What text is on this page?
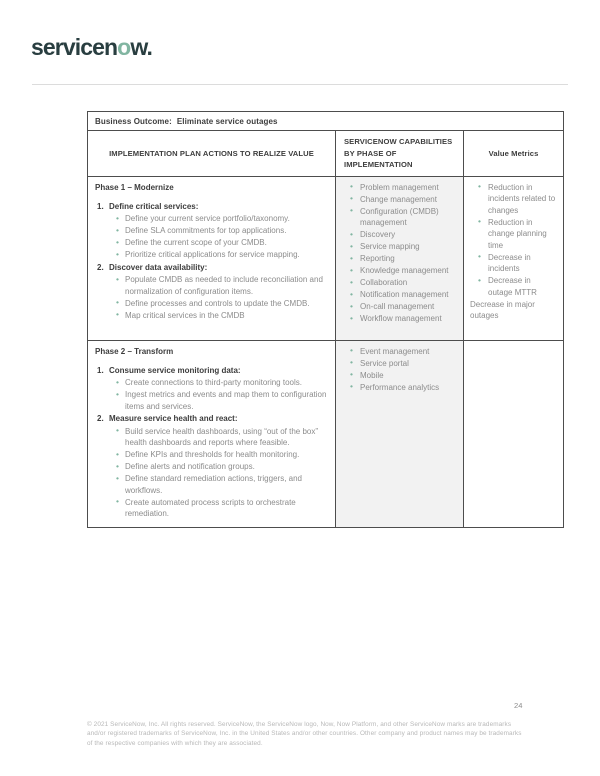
servicenow.
Business Outcome: Eliminate service outages		
IMPLEMENTATION PLAN ACTIONS TO REALIZE VALUE	SERVICENOW CAPABILITIES BY PHASE OF IMPLEMENTATION	Value Metrics

Phase 1 – Modernize
1. Define critical services:
• Define your current service portfolio/taxonomy.
• Define SLA commitments for top applications.
• Define the current scope of your CMDB.
• Prioritize critical applications for service mapping.
2. Discover data availability:
• Populate CMDB as needed to include reconciliation and normalization of configuration items.
• Define processes and controls to update the CMDB.
• Map critical services in the CMDB

• Problem management
• Change management
• Configuration (CMDB) management
• Discovery
• Service mapping
• Reporting
• Knowledge management
• Collaboration
• Notification management
• On-call management
• Workflow management

• Reduction in incidents related to changes
• Reduction in change planning time
• Decrease in incidents
• Decrease in outage MTTR
Decrease in major outages

Phase 2 – Transform
1. Consume service monitoring data:
• Create connections to third-party monitoring tools.
• Ingest metrics and events and map them to configuration items and services.
2. Measure service health and react:
• Build service health dashboards, using “out of the box” health dashboards and reports where feasible.
• Define KPIs and thresholds for health monitoring.
• Define alerts and notification groups.
• Define standard remediation actions, triggers, and workflows.
• Create automated process scripts to orchestrate remediation.

• Event management
• Service portal
• Mobile
• Performance analytics

24
© 2021 ServiceNow, Inc. All rights reserved. ServiceNow, the ServiceNow logo, Now, Now Platform, and other ServiceNow marks are trademarks and/or registered trademarks of ServiceNow, Inc. in the United States and/or other countries. Other company and product names may be trademarks of the respective companies with which they are associated.
